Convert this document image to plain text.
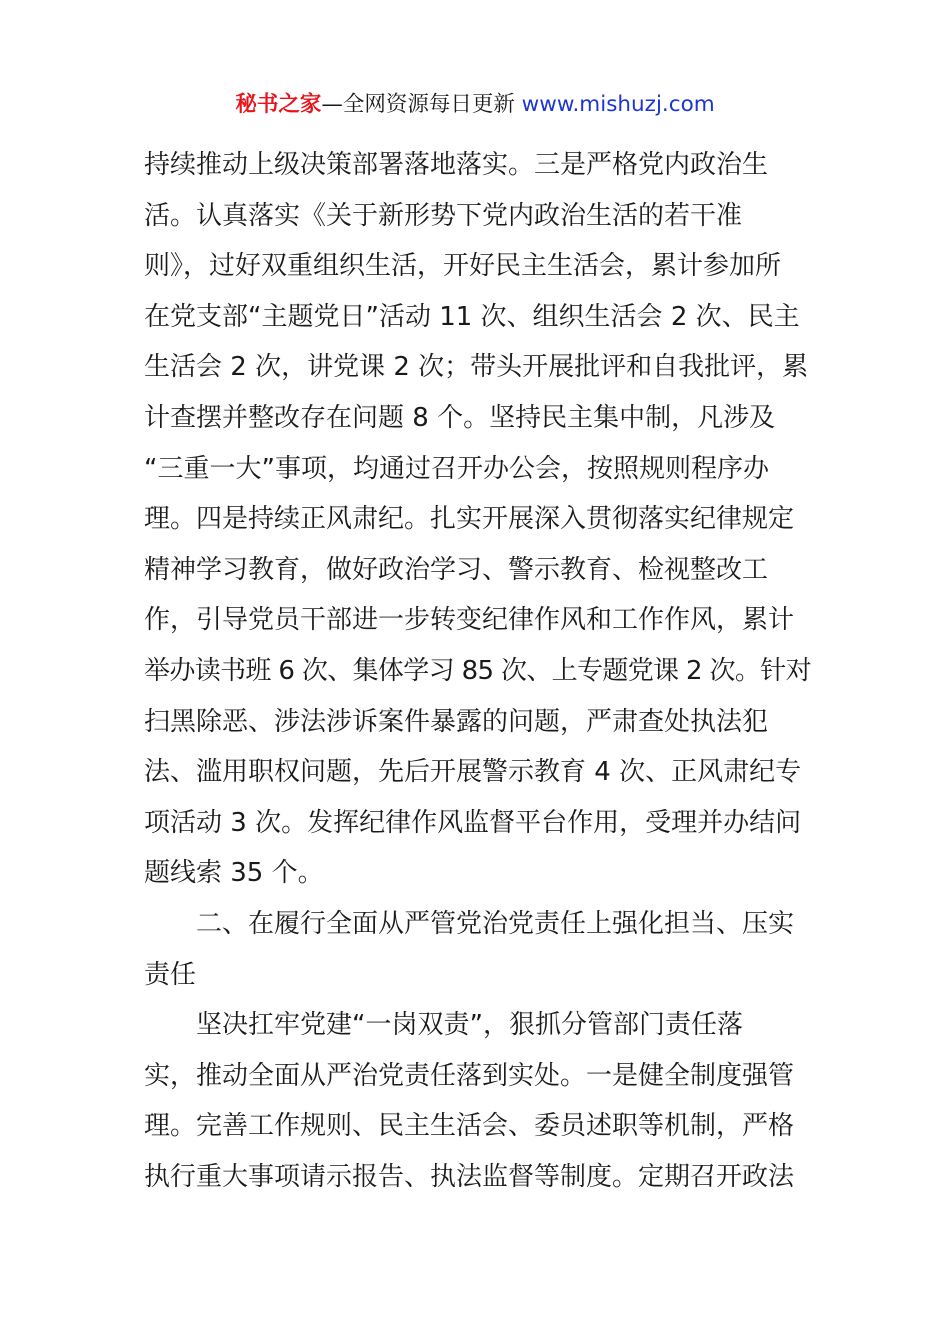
秘书之家—全网资源每日更新 www.mishuzj.com
持续推动上级决策部署落地落实。三是严格党内政治生
活。认真落实《关于新形势下党内政治生活的若干准
则》，过好双重组织生活，开好民主生活会，累计参加所
在党支部“主题党日”活动 11 次、组织生活会 2 次、民主
生活会 2 次，讲党课 2 次；带头开展批评和自我批评，累
计查摆并整改存在问题 8 个。坚持民主集中制，凡涉及
“三重一大”事项，均通过召开办公会，按照规则程序办
理。四是持续正风肃纪。扎实开展深入贯彻落实纪律规定
精神学习教育，做好政治学习、警示教育、检视整改工
作，引导党员干部进一步转变纪律作风和工作作风，累计
举办读书班 6 次、集体学习 85 次、上专题党课 2 次。针对
扫黑除恶、涉法涉诉案件暴露的问题，严肃查处执法犯
法、滥用职权问题，先后开展警示教育 4 次、正风肃纪专
项活动 3 次。发挥纪律作风监督平台作用，受理并办结问
题线索 35 个。
　　二、在履行全面从严管党治党责任上强化担当、压实
责任
　　坚决扛牢党建“一岗双责”，狠抓分管部门责任落
实，推动全面从严治党责任落到实处。一是健全制度强管
理。完善工作规则、民主生活会、委员述职等机制，严格
执行重大事项请示报告、执法监督等制度。定期召开政法
